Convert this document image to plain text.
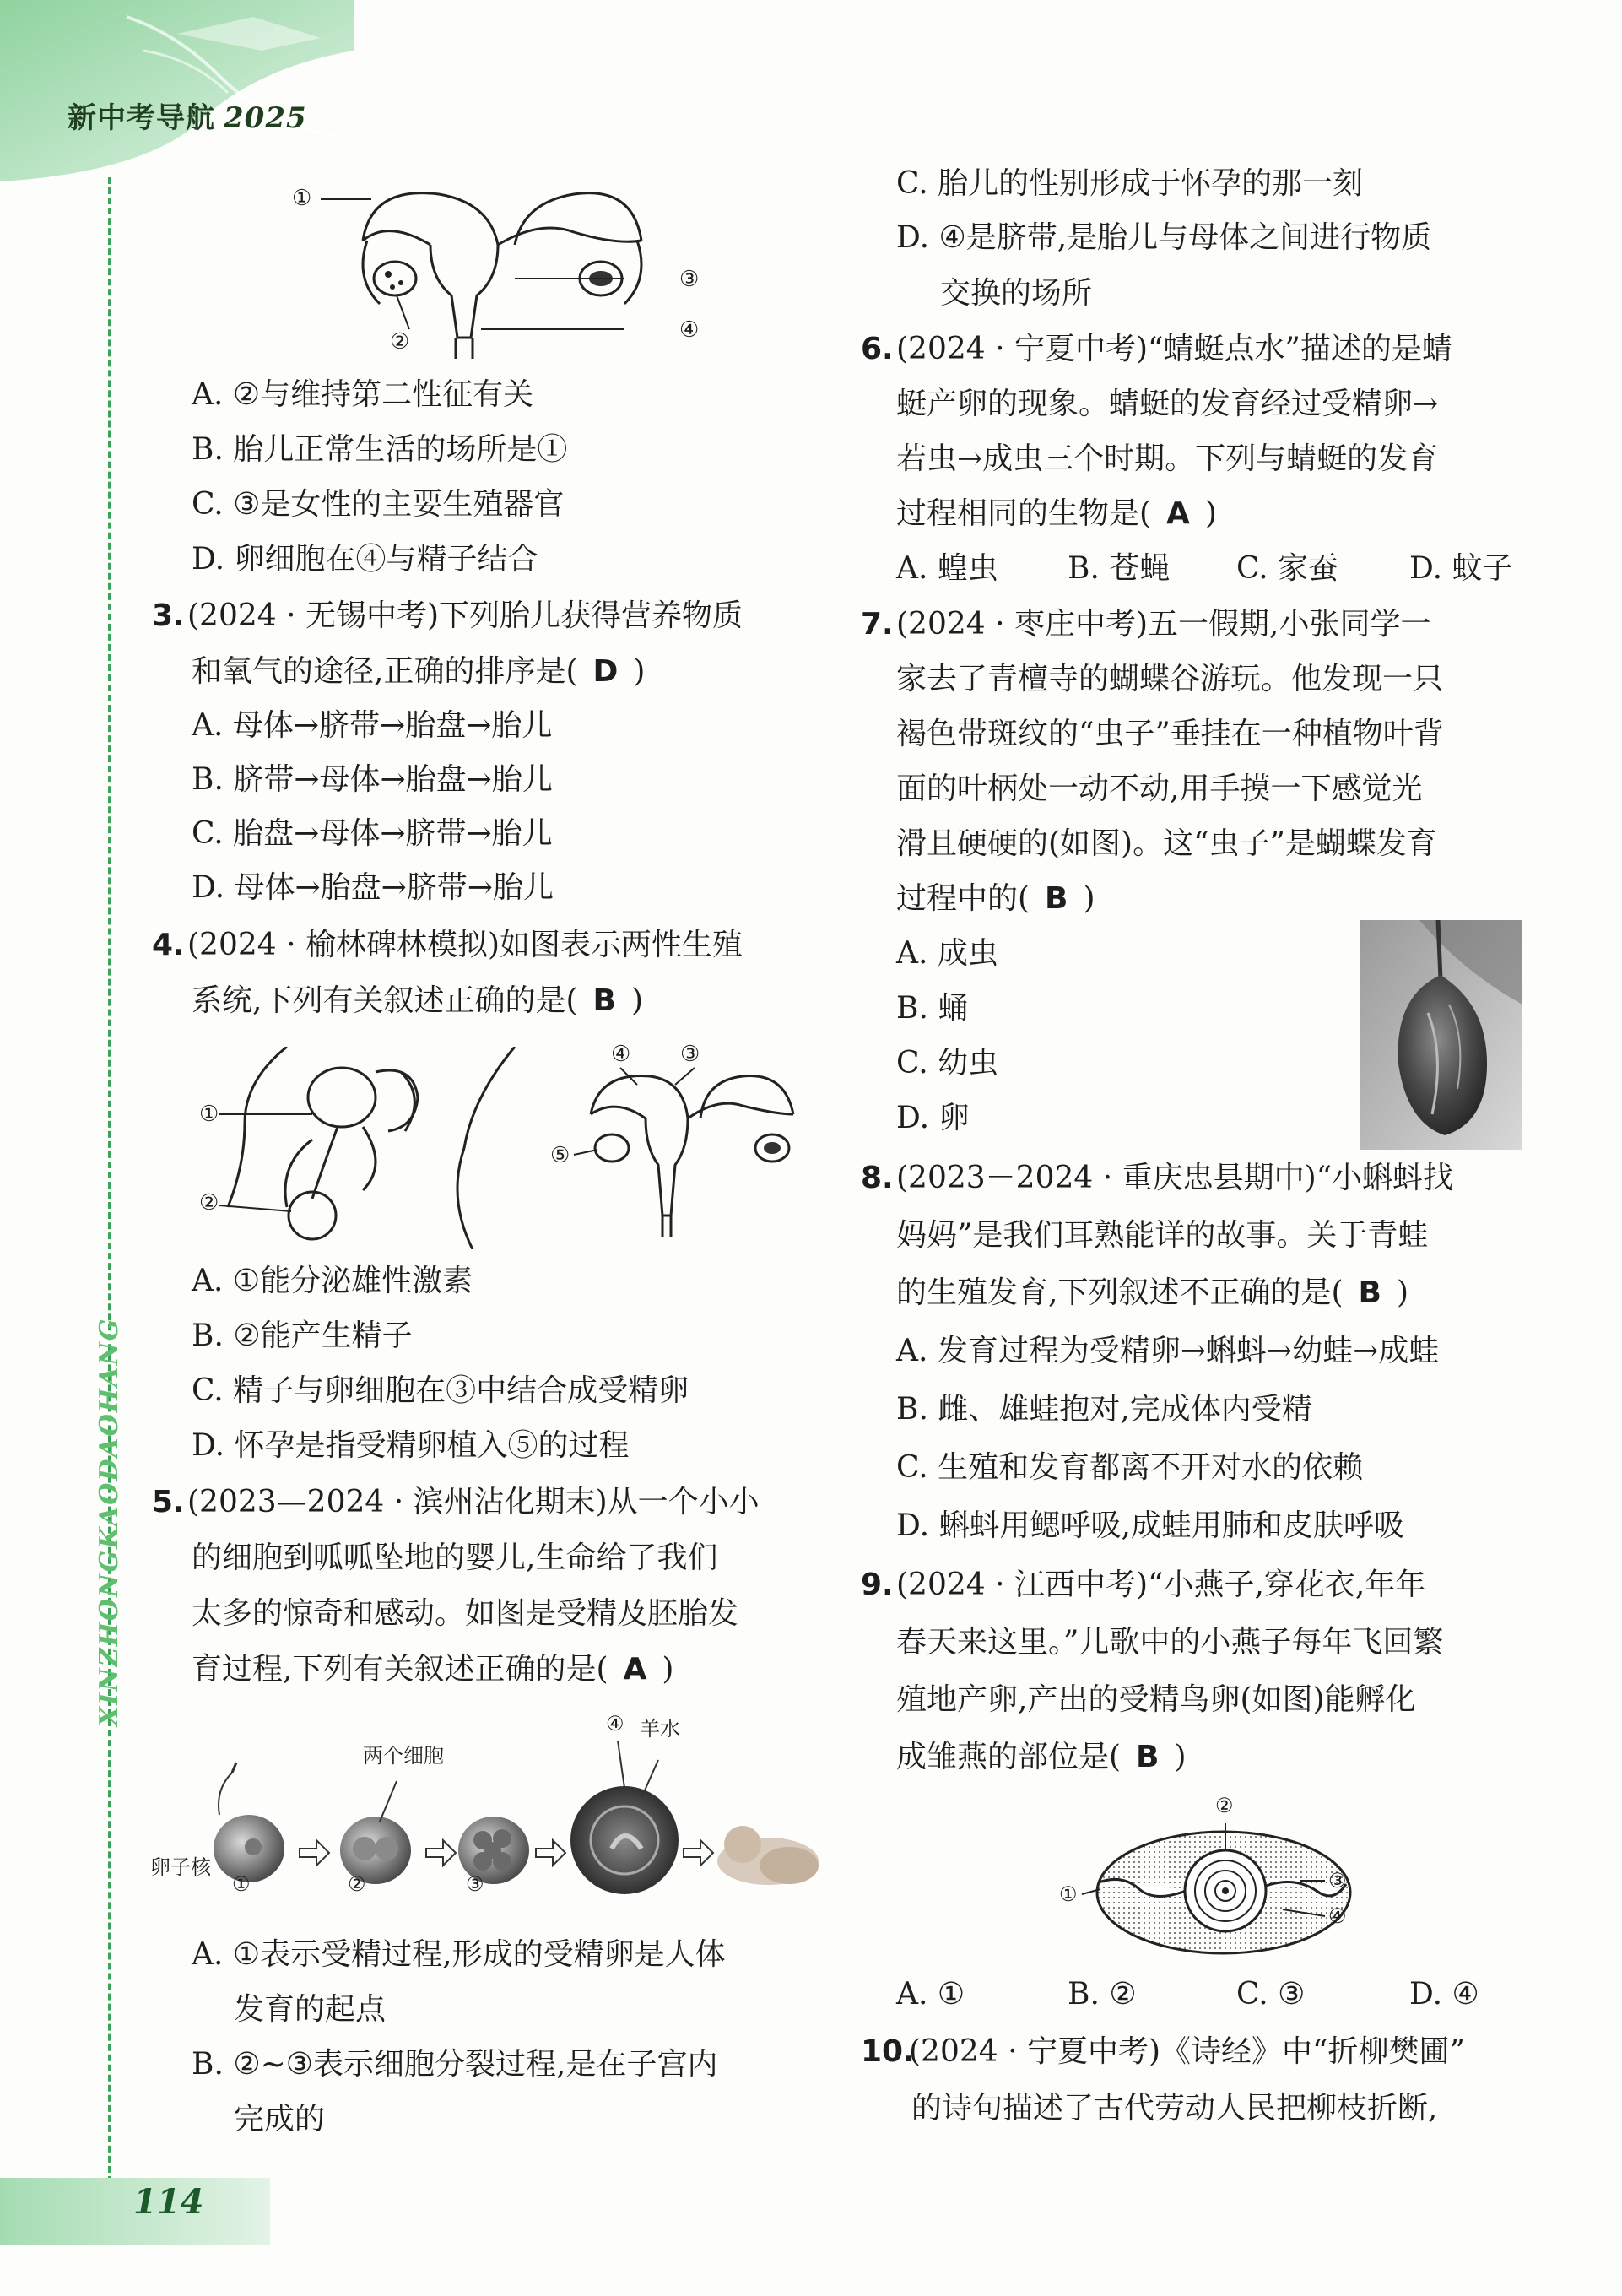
新中考导航 2025
XINZHONGKAODAOHANG
①
②
③
④
A. ②与维持第二性征有关
B. 胎儿正常生活的场所是①
C. ③是女性的主要生殖器官
D. 卵细胞在④与精子结合
3. (2024 · 无锡中考)下列胎儿获得营养物质
和氧气的途径,正确的排序是( D )
A. 母体→脐带→胎盘→胎儿
B. 脐带→母体→胎盘→胎儿
C. 胎盘→母体→脐带→胎儿
D. 母体→胎盘→脐带→胎儿
4. (2024 · 榆林碑林模拟)如图表示两性生殖
系统,下列有关叙述正确的是( B )
①
②
④ ③
⑤
A. ①能分泌雄性激素
B. ②能产生精子
C. 精子与卵细胞在③中结合成受精卵
D. 怀孕是指受精卵植入⑤的过程
5. (2023—2024 · 滨州沾化期末)从一个小小
的细胞到呱呱坠地的婴儿,生命给了我们
太多的惊奇和感动。如图是受精及胚胎发
育过程,下列有关叙述正确的是( A )
两个细胞
羊水
卵子核
①	②	③
④
A. ①表示受精过程,形成的受精卵是人体
发育的起点
B. ②~③表示细胞分裂过程,是在子宫内
完成的
114
C. 胎儿的性别形成于怀孕的那一刻
D. ④是脐带,是胎儿与母体之间进行物质
交换的场所
6. (2024 · 宁夏中考)“蜻蜓点水”描述的是蜻
蜓产卵的现象。蜻蜓的发育经过受精卵→
若虫→成虫三个时期。下列与蜻蜓的发育
过程相同的生物是( A )
A. 蝗虫 B. 苍蝇 C. 家蚕 D. 蚊子
7. (2024 · 枣庄中考)五一假期,小张同学一
家去了青檀寺的蝴蝶谷游玩。他发现一只
褐色带斑纹的“虫子”垂挂在一种植物叶背
面的叶柄处一动不动,用手摸一下感觉光
滑且硬硬的(如图)。这“虫子”是蝴蝶发育
过程中的( B )
A. 成虫
B. 蛹
C. 幼虫
D. 卵
8. (2023－2024 · 重庆忠县期中)“小蝌蚪找
妈妈”是我们耳熟能详的故事。关于青蛙
的生殖发育,下列叙述不正确的是( B )
A. 发育过程为受精卵→蝌蚪→幼蛙→成蛙
B. 雌、雄蛙抱对,完成体内受精
C. 生殖和发育都离不开对水的依赖
D. 蝌蚪用鳃呼吸,成蛙用肺和皮肤呼吸
9. (2024 · 江西中考)“小燕子,穿花衣,年年
春天来这里。”儿歌中的小燕子每年飞回繁
殖地产卵,产出的受精鸟卵(如图)能孵化
成雏燕的部位是( B )
②
①
③
④
A. ①	B. ②	C. ③	D. ④
10.
(2024 · 宁夏中考)《诗经》中“折柳樊圃”
的诗句描述了古代劳动人民把柳枝折断,
